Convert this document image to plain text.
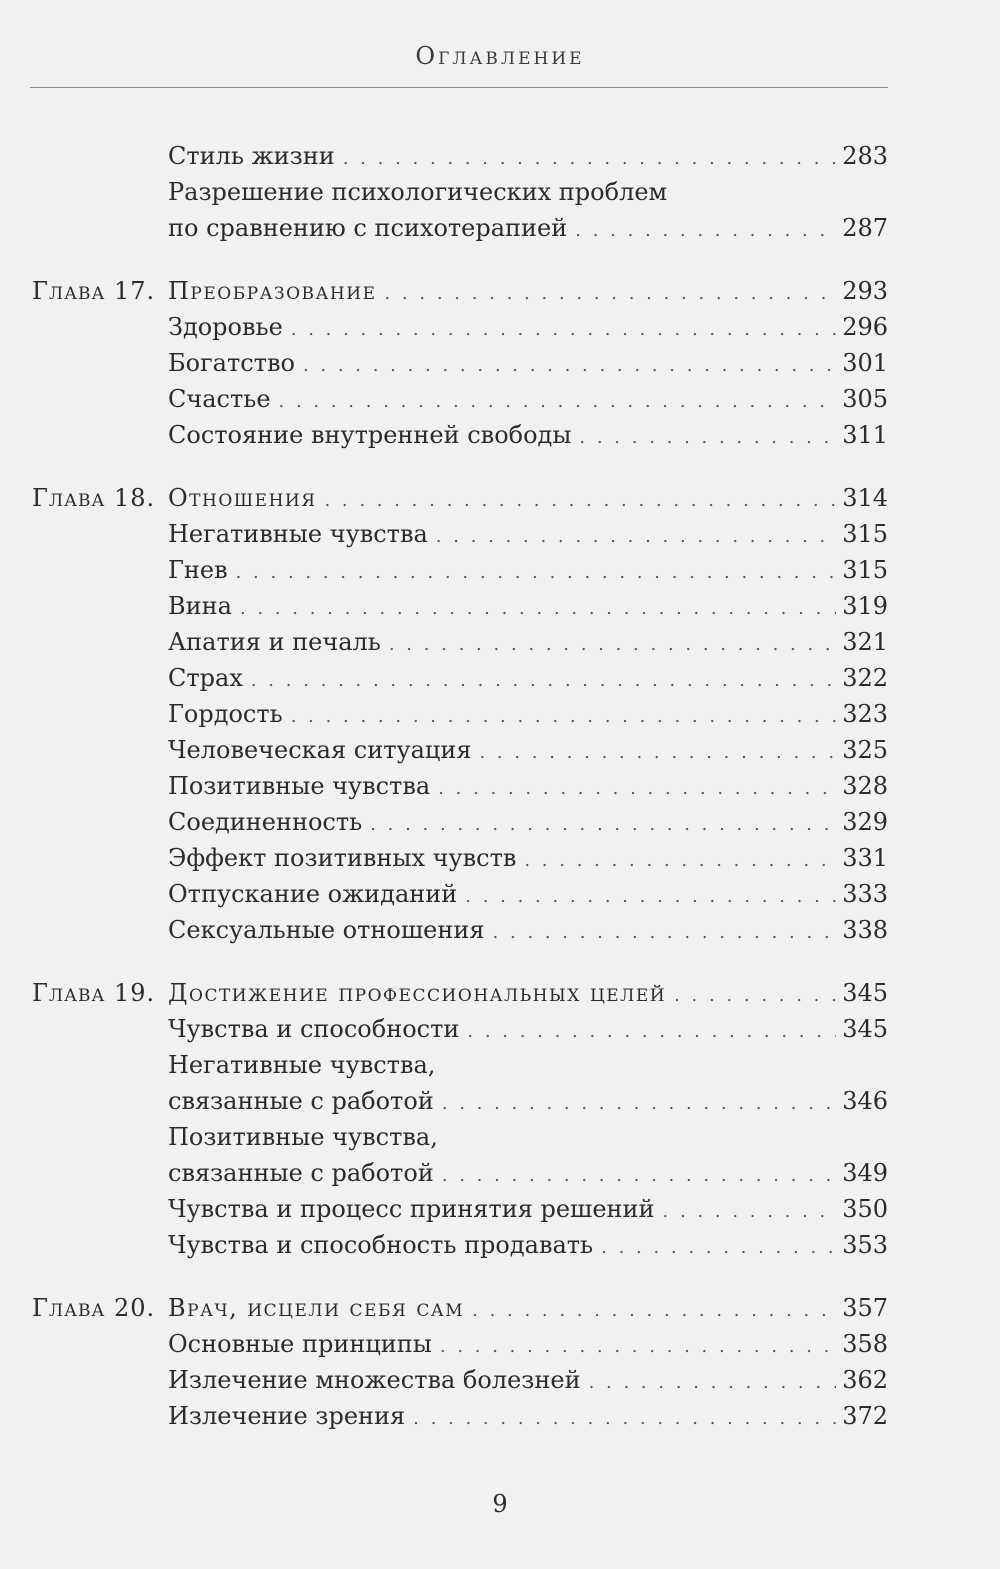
Оглавление
Стиль жизни . . .	283
Разрешение психологических проблем
по сравнению с психотерапией . . .	287
Глава 17. Преобразование . . .	293
Здоровье . . .	296
Богатство . . .	301
Счастье . . .	305
Состояние внутренней свободы . . .	311
Глава 18. Отношения . . .	314
Негативные чувства . . .	315
Гнев . . .	315
Вина . . .	319
Апатия и печаль . . .	321
Страх . . .	322
Гордость . . .	323
Человеческая ситуация . . .	325
Позитивные чувства . . .	328
Соединенность . . .	329
Эффект позитивных чувств . . .	331
Отпускание ожиданий . . .	333
Сексуальные отношения . . .	338
Глава 19. Достижение профессиональных целей . . .	345
Чувства и способности . . .	345
Негативные чувства,
связанные с работой . . .	346
Позитивные чувства,
связанные с работой . . .	349
Чувства и процесс принятия решений . . .	350
Чувства и способность продавать . . .	353
Глава 20. Врач, исцели себя сам . . .	357
Основные принципы . . .	358
Излечение множества болезней . . .	362
Излечение зрения . . .	372
9
